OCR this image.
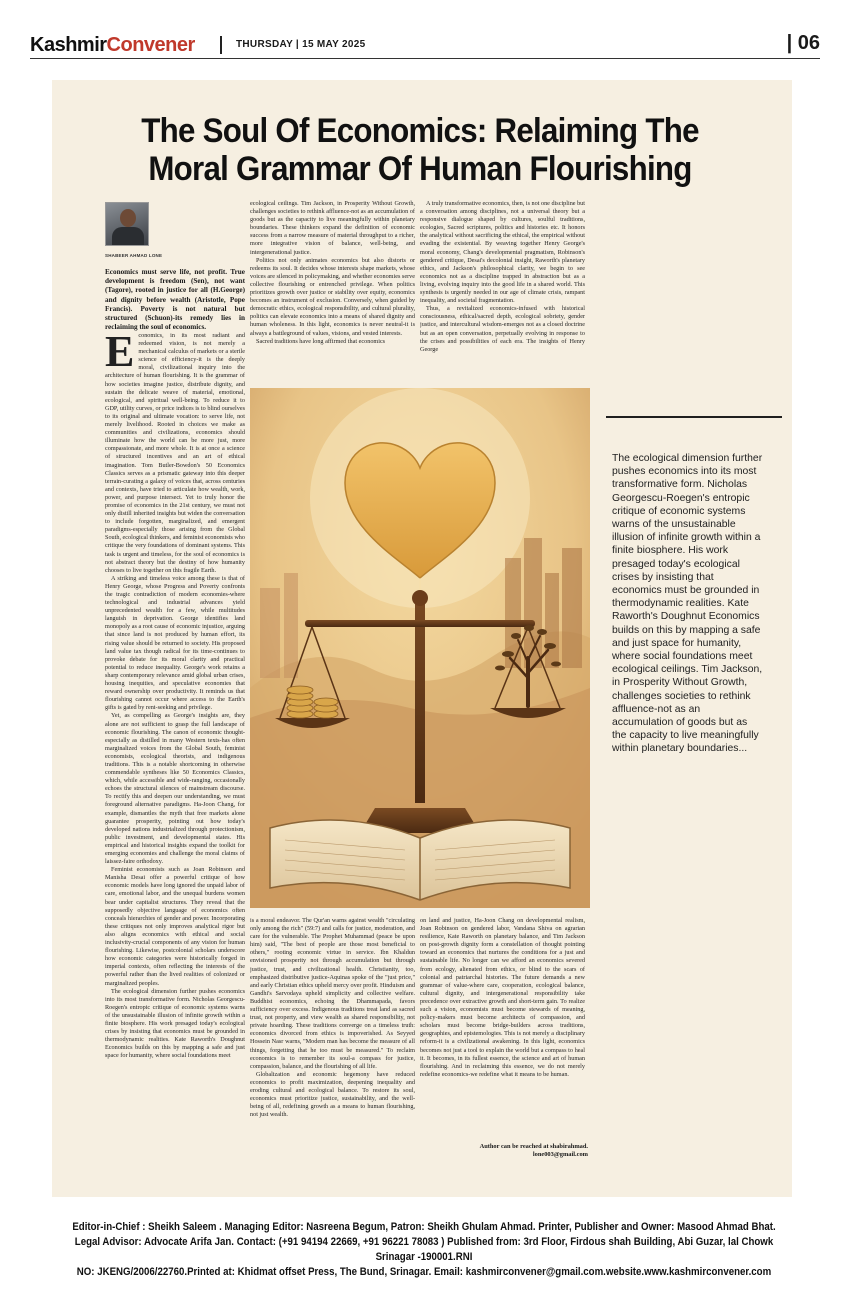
KashmirConvener	THURSDAY | 15 MAY 2025	| 06
The Soul Of Economics: Relaiming The
Moral Grammar Of Human Flourishing
SHABEER AHMAD LONE
Economics must serve life, not profit. True development is freedom (Sen), not want (Tagore), rooted in justice for all (H.George) and dignity before wealth (Aristotle, Pope Francis). Poverty is not natural but structured (Schuon)-its remedy lies in reclaiming the soul of economics.

Economics, in its most radiant and redeemed vision, is not merely a mechanical calculus of markets or a sterile science of efficiency-it is the deeply moral, civilizational inquiry into the architecture of human flourishing. It is the grammar of how societies imagine justice, distribute dignity, and sustain the delicate weave of material, emotional, ecological, and spiritual well-being. To reduce it to GDP, utility curves, or price indices is to blind ourselves to its original and ultimate vocation: to serve life, not merely livelihood. Rooted in choices we make as communities and civilizations, economics should illuminate how the world can be more just, more compassionate, and more whole. It is at once a science of structured incentives and an art of ethical imagination. Tom Butler-Bowdon's 50 Economics Classics serves as a prismatic gateway into this deeper terrain-curating a galaxy of voices that, across centuries and contexts, have tried to articulate how wealth, work, power, and purpose intersect. Yet to truly honor the promise of economics in the 21st century, we must not only distill inherited insights but widen the conversation to include forgotten, marginalized, and emergent paradigms-especially those arising from the Global South, ecological thinkers, and feminist economists who critique the very foundations of dominant systems. This task is urgent and timeless, for the soul of economics is not abstract theory but the destiny of how humanity chooses to live together on this fragile Earth.

A striking and timeless voice among these is that of Henry George, whose Progress and Poverty confronts the tragic contradiction of modern economies-where technological and industrial advances yield unprecedented wealth for a few, while multitudes languish in deprivation. George identifies land monopoly as a root cause of economic injustice, arguing that since land is not produced by human effort, its rising value should be returned to society. His proposed land value tax though radical for its time-continues to provoke debate for its moral clarity and practical potential to reduce inequality. George's work retains a sharp contemporary relevance amid global urban crises, housing inequities, and speculative economies that reward ownership over productivity. It reminds us that flourishing cannot occur where access to the Earth's gifts is gated by rent-seeking and privilege.

Yet, as compelling as George's insights are, they alone are not sufficient to grasp the full landscape of economic flourishing. The canon of economic thought-especially as distilled in many Western texts-has often marginalized voices from the Global South, feminist economists, ecological theorists, and indigenous traditions. This is a notable shortcoming in otherwise commendable syntheses like 50 Economics Classics, which, while accessible and wide-ranging, occasionally echoes the structural silences of mainstream discourse. To rectify this and deepen our understanding, we must foreground alternative paradigms. Ha-Joon Chang, for example, dismantles the myth that free markets alone guarantee prosperity, pointing out how today's developed nations industrialized through protectionism, public investment, and developmental states. His empirical and historical insights expand the toolkit for emerging economies and challenge the moral claims of laissez-faire orthodoxy.

Feminist economists such as Joan Robinson and Manisha Desai offer a powerful critique of how economic models have long ignored the unpaid labor of care, emotional labor, and the unequal burdens women bear under capitalist structures. They reveal that the supposedly objective language of economics often conceals hierarchies of gender and power. Incorporating these critiques not only improves analytical rigor but also aligns economics with ethical and social inclusivity-crucial components of any vision for human flourishing. Likewise, postcolonial scholars underscore how economic categories were historically forged in imperial contexts, often reflecting the interests of the powerful rather than the lived realities of colonized or marginalized peoples.

The ecological dimension further pushes economics into its most transformative form. Nicholas Georgescu-Roegen's entropic critique of economic systems warns of the unsustainable illusion of infinite growth within a finite biosphere. His work presaged today's ecological crises by insisting that economics must be grounded in thermodynamic realities. Kate Raworth's Doughnut Economics builds on this by mapping a safe and just space for humanity, where social foundations meet

ecological ceilings. Tim Jackson, in Prosperity Without Growth, challenges societies to rethink affluence-not as an accumulation of goods but as the capacity to live meaningfully within planetary boundaries. These thinkers expand the definition of economic success from a narrow measure of material throughput to a richer, more integrative vision of balance, well-being, and intergenerational justice.

Politics not only animates economics but also distorts or redeems its soul. It decides whose interests shape markets, whose voices are silenced in policymaking, and whether economies serve collective flourishing or entrenched privilege. When politics prioritizes growth over justice or stability over equity, economics becomes an instrument of exclusion. Conversely, when guided by democratic ethics, ecological responsibility, and cultural plurality, politics can elevate economics into a means of shared dignity and human wholeness. In this light, economics is never neutral-it is always a battleground of values, visions, and vested interests.

Sacred traditions have long affirmed that economics

A truly transformative economics, then, is not one discipline but a conversation among disciplines, not a universal theory but a responsive dialogue shaped by cultures, soulful traditions, ecologies, Sacred scriptures, politics and histories etc. It honors the analytical without sacrificing the ethical, the empirical without evading the existential. By weaving together Henry George's moral economy, Chang's developmental pragmatism, Robinson's gendered critique, Desai's decolonial insight, Raworth's planetary ethics, and Jackson's philosophical clarity, we begin to see economics not as a discipline trapped in abstraction but as a living, evolving inquiry into the good life in a shared world. This synthesis is urgently needed in our age of climate crisis, rampant inequality, and societal fragmentation.

Thus, a revitalized economics-infused with historical consciousness, ethical/sacred depth, ecological sobriety, gender justice, and intercultural wisdom-emerges not as a closed doctrine but as an open conversation, perpetually evolving in response to the crises and possibilities of each era. The insights of Henry George

is a moral endeavor. The Qur'an warns against wealth "circulating only among the rich" (59:7) and calls for justice, moderation, and care for the vulnerable. The Prophet Muhammad (peace be upon him) said, "The best of people are those most beneficial to others," rooting economic virtue in service. Ibn Khaldun envisioned prosperity not through accumulation but through justice, trust, and civilizational health. Christianity, too, emphasized distributive justice-Aquinas spoke of the "just price," and early Christian ethics upheld mercy over profit. Hinduism and Gandhi's Sarvodaya upheld simplicity and collective welfare. Buddhist economics, echoing the Dhammapada, favors sufficiency over excess. Indigenous traditions treat land as sacred trust, not property, and view wealth as shared responsibility, not private hoarding. These traditions converge on a timeless truth: economics divorced from ethics is impoverished. As Seyyed Hossein Nasr warns, "Modern man has become the measure of all things, forgetting that he too must be measured." To reclaim economics is to remember its soul-a compass for justice, compassion, balance, and the flourishing of all life.

Globalization and economic hegemony have reduced economics to profit maximization, deepening inequality and eroding cultural and ecological balance. To restore its soul, economics must prioritize justice, sustainability, and the well-being of all, redefining growth as a means to human flourishing, not just wealth.

on land and justice, Ha-Joon Chang on developmental realism, Joan Robinson on gendered labor, Vandana Shiva on agrarian resilience, Kate Raworth on planetary balance, and Tim Jackson on post-growth dignity form a constellation of thought pointing toward an economics that nurtures the conditions for a just and sustainable life. No longer can we afford an economics severed from ecology, alienated from ethics, or blind to the scars of colonial and patriarchal histories. The future demands a new grammar of value-where care, cooperation, ecological balance, cultural dignity, and intergenerational responsibility take precedence over extractive growth and short-term gain. To realize such a vision, economists must become stewards of meaning, policy-makers must become architects of compassion, and scholars must become bridge-builders across traditions, geographies, and epistemologies. This is not merely a disciplinary reform-it is a civilizational awakening. In this light, economics becomes not just a tool to explain the world but a compass to heal it. It becomes, in its fullest essence, the science and art of human flourishing. And in reclaiming this essence, we do not merely redefine economics-we redefine what it means to be human.

Author can be reached at shabirahmad.
lone003@gmail.com
The ecological dimension further pushes economics into its most transformative form. Nicholas Georgescu-Roegen's entropic critique of economic systems warns of the unsustainable illusion of infinite growth within a finite biosphere. His work presaged today's ecological crises by insisting that economics must be grounded in thermodynamic realities. Kate Raworth's Doughnut Economics builds on this by mapping a safe and just space for humanity, where social foundations meet ecological ceilings. Tim Jackson, in Prosperity Without Growth, challenges societies to rethink affluence-not as an accumulation of goods but as the capacity to live meaningfully within planetary boundaries...
Editor-in-Chief : Sheikh Saleem . Managing Editor: Nasreena Begum, Patron: Sheikh Ghulam Ahmad. Printer, Publisher and Owner: Masood Ahmad Bhat.
Legal Advisor: Advocate Arifa Jan. Contact: (+91 94194 22669, +91 96221 78083 ) Published from: 3rd Floor, Firdous shah Building, Abi Guzar, lal Chowk Srinagar -190001.RNI
NO: JKENG/2006/22760.Printed at: Khidmat offset Press, The Bund, Srinagar. Email: kashmirconvener@gmail.com.website.www.kashmirconvener.com
